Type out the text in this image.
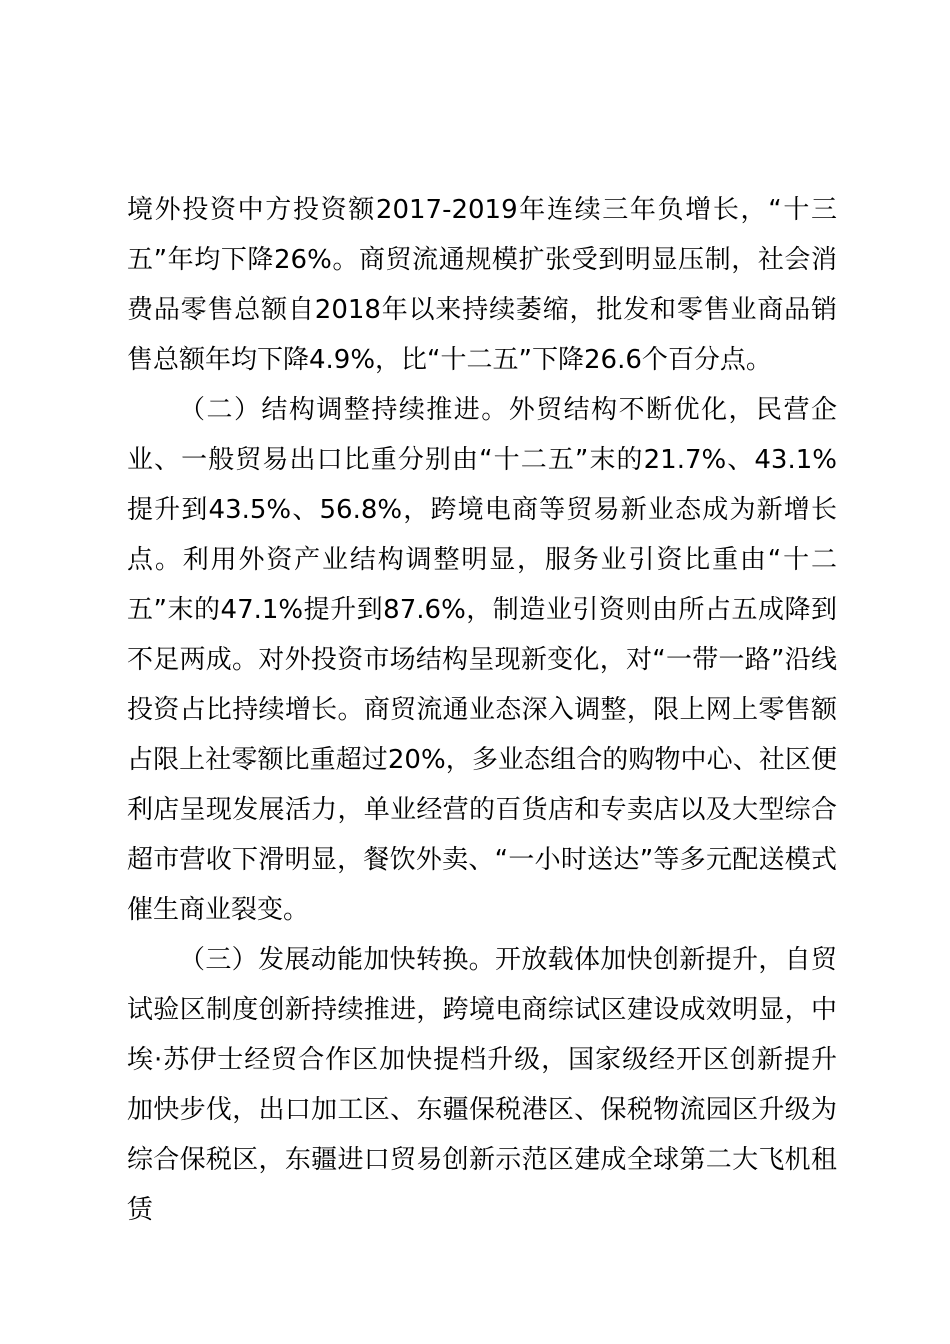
境外投资中方投资额2017-2019年连续三年负增长，“十三五”年均下降26%。商贸流通规模扩张受到明显压制，社会消费品零售总额自2018年以来持续萎缩，批发和零售业商品销售总额年均下降4.9%，比“十二五”下降26.6个百分点。

（二）结构调整持续推进。外贸结构不断优化，民营企业、一般贸易出口比重分别由“十二五”末的21.7%、43.1%提升到43.5%、56.8%，跨境电商等贸易新业态成为新增长点。利用外资产业结构调整明显，服务业引资比重由“十二五”末的47.1%提升到87.6%，制造业引资则由所占五成降到不足两成。对外投资市场结构呈现新变化，对“一带一路”沿线投资占比持续增长。商贸流通业态深入调整，限上网上零售额占限上社零额比重超过20%，多业态组合的购物中心、社区便利店呈现发展活力，单业经营的百货店和专卖店以及大型综合超市营收下滑明显，餐饮外卖、“一小时送达”等多元配送模式催生商业裂变。

（三）发展动能加快转换。开放载体加快创新提升，自贸试验区制度创新持续推进，跨境电商综试区建设成效明显，中埃·苏伊士经贸合作区加快提档升级，国家级经开区创新提升加快步伐，出口加工区、东疆保税港区、保税物流园区升级为综合保税区，东疆进口贸易创新示范区建成全球第二大飞机租赁
